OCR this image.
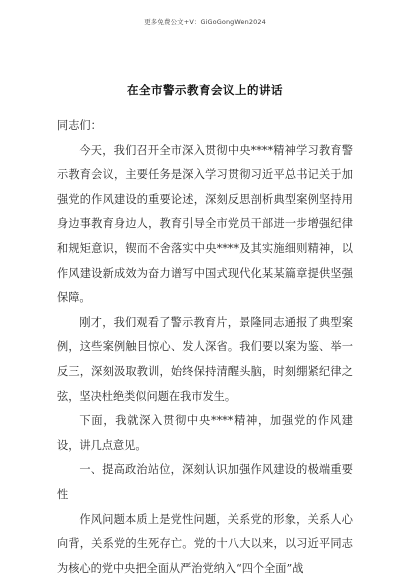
更多免费公文+V：GiGoGongWen2024
在全市警示教育会议上的讲话

同志们：

今天，我们召开全市深入贯彻中央****精神学习教育警示教育会议，主要任务是深入学习贯彻习近平总书记关于加强党的作风建设的重要论述，深刻反思剖析典型案例坚持用身边事教育身边人，教育引导全市党员干部进一步增强纪律和规矩意识，锲而不舍落实中央****及其实施细则精神，以作风建设新成效为奋力谱写中国式现代化某某篇章提供坚强保障。

刚才，我们观看了警示教育片，景隆同志通报了典型案例，这些案例触目惊心、发人深省。我们要以案为鉴、举一反三，深刻汲取教训，始终保持清醒头脑，时刻绷紧纪律之弦，坚决杜绝类似问题在我市发生。

下面，我就深入贯彻中央****精神，加强党的作风建设，讲几点意见。

一、提高政治站位，深刻认识加强作风建设的极端重要性

作风问题本质上是党性问题，关系党的形象，关系人心向背，关系党的生死存亡。党的十八大以来，以习近平同志为核心的党中央把全面从严治党纳入“四个全面”战
